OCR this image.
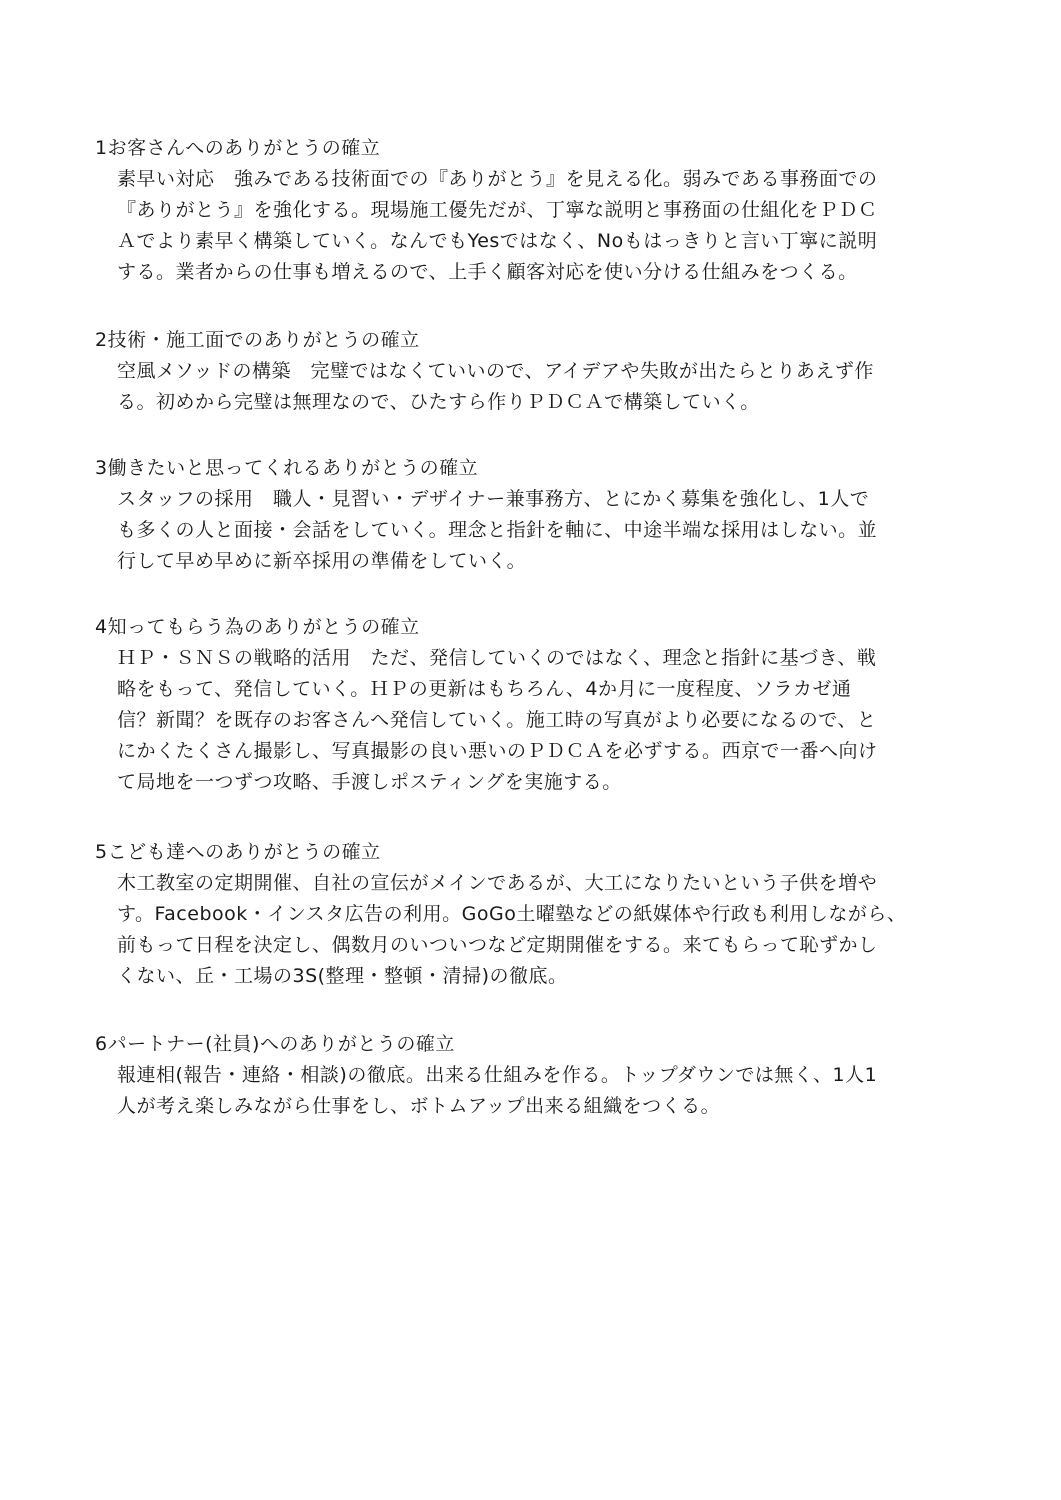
1お客さんへのありがとうの確立
素早い対応　強みである技術面での『ありがとう』を見える化。弱みである事務面での
『ありがとう』を強化する。現場施工優先だが、丁寧な説明と事務面の仕組化をＰＤＣ
Ａでより素早く構築していく。なんでもYesではなく、Noもはっきりと言い丁寧に説明
する。業者からの仕事も増えるので、上手く顧客対応を使い分ける仕組みをつくる。
2技術・施工面でのありがとうの確立
空風メソッドの構築　完璧ではなくていいので、アイデアや失敗が出たらとりあえず作
る。初めから完璧は無理なので、ひたすら作りＰＤＣＡで構築していく。
3働きたいと思ってくれるありがとうの確立
スタッフの採用　職人・見習い・デザイナー兼事務方、とにかく募集を強化し、1人で
も多くの人と面接・会話をしていく。理念と指針を軸に、中途半端な採用はしない。並
行して早め早めに新卒採用の準備をしていく。
4知ってもらう為のありがとうの確立
ＨＰ・ＳＮＳの戦略的活用　ただ、発信していくのではなく、理念と指針に基づき、戦
略をもって、発信していく。ＨＰの更新はもちろん、4か月に一度程度、ソラカゼ通
信？新聞？を既存のお客さんへ発信していく。施工時の写真がより必要になるので、と
にかくたくさん撮影し、写真撮影の良い悪いのＰＤＣＡを必ずする。西京で一番へ向け
て局地を一つずつ攻略、手渡しポスティングを実施する。
5こども達へのありがとうの確立
木工教室の定期開催、自社の宣伝がメインであるが、大工になりたいという子供を増や
す。Facebook・インスタ広告の利用。GoGo土曜塾などの紙媒体や行政も利用しながら、
前もって日程を決定し、偶数月のいついつなど定期開催をする。来てもらって恥ずかし
くない、丘・工場の3S(整理・整頓・清掃)の徹底。
6パートナー(社員)へのありがとうの確立
報連相(報告・連絡・相談)の徹底。出来る仕組みを作る。トップダウンでは無く、1人1
人が考え楽しみながら仕事をし、ボトムアップ出来る組織をつくる。
